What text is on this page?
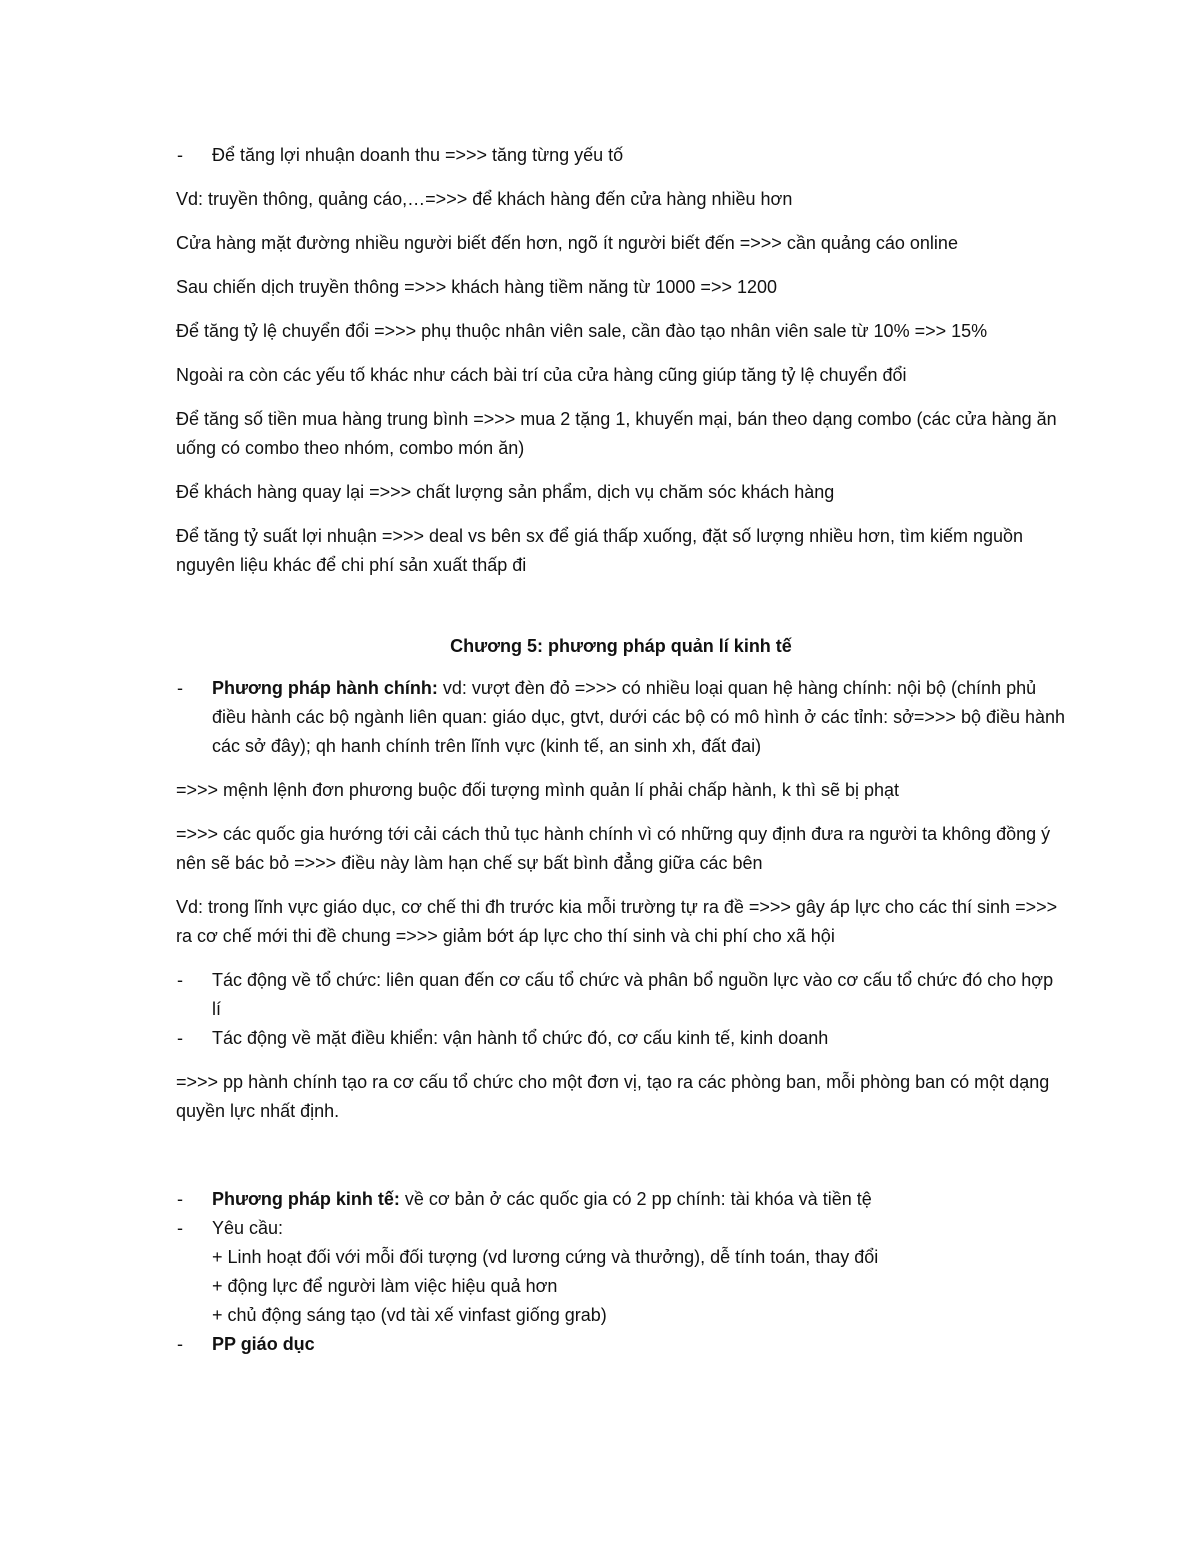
- Để tăng lợi nhuận doanh thu =>>> tăng từng yếu tố

Vd: truyền thông, quảng cáo,…=>>> để khách hàng đến cửa hàng nhiều hơn

Cửa hàng mặt đường nhiều người biết đến hơn, ngõ ít người biết đến =>>> cần quảng cáo online

Sau chiến dịch truyền thông =>>> khách hàng tiềm năng từ 1000 =>> 1200

Để tăng tỷ lệ chuyển đổi =>>> phụ thuộc nhân viên sale, cần đào tạo nhân viên sale từ 10% =>> 15%

Ngoài ra còn các yếu tố khác như cách bài trí của cửa hàng cũng giúp tăng tỷ lệ chuyển đổi

Để tăng số tiền mua hàng trung bình =>>> mua 2 tặng 1, khuyến mại, bán theo dạng combo (các cửa hàng ăn uống có combo theo nhóm, combo món ăn)

Để khách hàng quay lại =>>> chất lượng sản phẩm, dịch vụ chăm sóc khách hàng

Để tăng tỷ suất lợi nhuận =>>> deal vs bên sx để giá thấp xuống, đặt số lượng nhiều hơn, tìm kiếm nguồn nguyên liệu khác để chi phí sản xuất thấp đi

Chương 5: phương pháp quản lí kinh tế

- Phương pháp hành chính: vd: vượt đèn đỏ =>>> có nhiều loại quan hệ hàng chính: nội bộ (chính phủ điều hành các bộ ngành liên quan: giáo dục, gtvt, dưới các bộ có mô hình ở các tỉnh: sở=>>> bộ điều hành các sở đây); qh hanh chính trên lĩnh vực (kinh tế, an sinh xh, đất đai)

=>>> mệnh lệnh đơn phương buộc đối tượng mình quản lí phải chấp hành, k thì sẽ bị phạt

=>>> các quốc gia hướng tới cải cách thủ tục hành chính vì có những quy định đưa ra người ta không đồng ý nên sẽ bác bỏ =>>> điều này làm hạn chế sự bất bình đẳng giữa các bên

Vd: trong lĩnh vực giáo dục, cơ chế thi đh trước kia mỗi trường tự ra đề =>>> gây áp lực cho các thí sinh =>>> ra cơ chế mới thi đề chung =>>> giảm bớt áp lực cho thí sinh và chi phí cho xã hội

- Tác động về tổ chức: liên quan đến cơ cấu tổ chức và phân bổ nguồn lực vào cơ cấu tổ chức đó cho hợp lí

- Tác động về mặt điều khiển: vận hành tổ chức đó, cơ cấu kinh tế, kinh doanh

=>>> pp hành chính tạo ra cơ cấu tổ chức cho một đơn vị, tạo ra các phòng ban, mỗi phòng ban có một dạng quyền lực nhất định.

- Phương pháp kinh tế: về cơ bản ở các quốc gia có 2 pp chính: tài khóa và tiền tệ

- Yêu cầu:

+ Linh hoạt đối với mỗi đối tượng (vd lương cứng và thưởng), dễ tính toán, thay đổi

+ động lực để người làm việc hiệu quả hơn

+ chủ động sáng tạo (vd tài xế vinfast giống grab)

- PP giáo dục
